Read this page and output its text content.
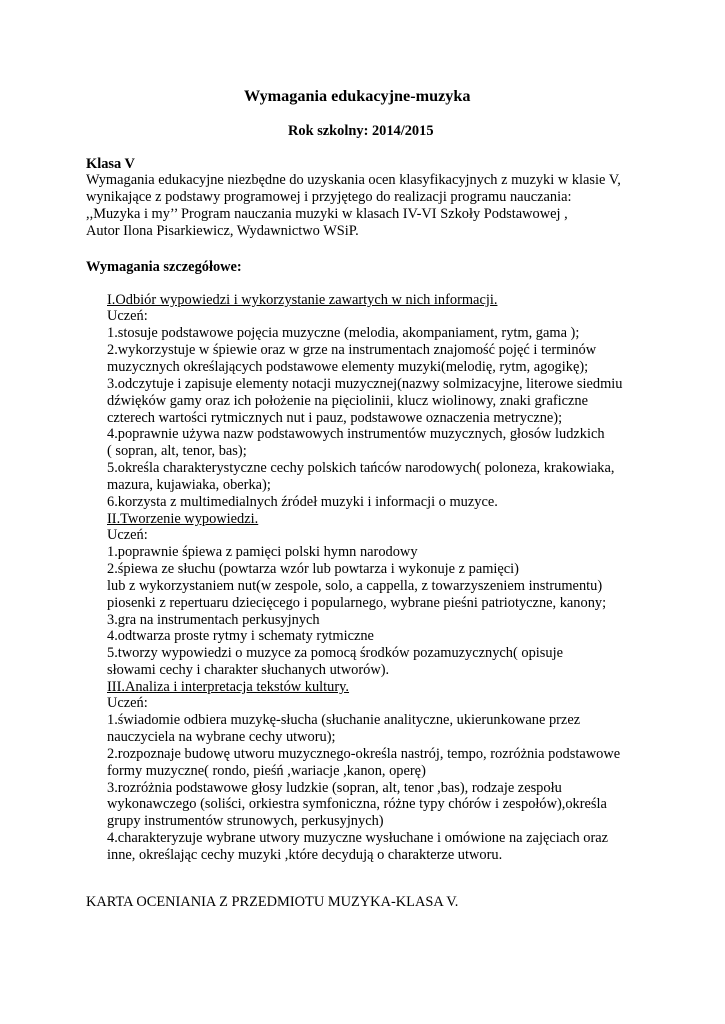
Wymagania edukacyjne-muzyka
Rok szkolny: 2014/2015
Klasa V
Wymagania edukacyjne niezbędne do uzyskania ocen klasyfikacyjnych z muzyki w klasie V,
wynikające z podstawy programowej i przyjętego do realizacji programu nauczania:
,,Muzyka i my’’ Program nauczania muzyki w klasach IV-VI Szkoły Podstawowej ,
Autor Ilona Pisarkiewicz, Wydawnictwo WSiP.
Wymagania szczegółowe:
I.Odbiór wypowiedzi i wykorzystanie zawartych w nich informacji.
Uczeń:
1.stosuje podstawowe pojęcia muzyczne (melodia, akompaniament, rytm, gama );
2.wykorzystuje w śpiewie oraz w grze na instrumentach znajomość pojęć i terminów
muzycznych określających podstawowe elementy muzyki(melodię, rytm, agogikę);
3.odczytuje i zapisuje elementy notacji muzycznej(nazwy solmizacyjne, literowe siedmiu
dźwięków gamy oraz ich położenie na pięciolinii, klucz wiolinowy, znaki graficzne
czterech wartości rytmicznych nut i pauz, podstawowe oznaczenia metryczne);
4.poprawnie używa nazw podstawowych instrumentów muzycznych, głosów ludzkich
( sopran, alt, tenor, bas);
5.określa charakterystyczne cechy polskich tańców narodowych( poloneza, krakowiaka,
mazura, kujawiaka, oberka);
6.korzysta z multimedialnych źródeł muzyki i informacji o muzyce.
II.Tworzenie wypowiedzi.
Uczeń:
1.poprawnie śpiewa z pamięci polski hymn narodowy
2.śpiewa ze słuchu (powtarza wzór lub powtarza i wykonuje z pamięci)
lub z wykorzystaniem nut(w zespole, solo, a cappella, z towarzyszeniem instrumentu)
piosenki z repertuaru dziecięcego i popularnego, wybrane pieśni patriotyczne, kanony;
3.gra na instrumentach perkusyjnych
4.odtwarza proste rytmy i schematy rytmiczne
5.tworzy wypowiedzi o muzyce za pomocą środków pozamuzycznych( opisuje
słowami cechy i charakter słuchanych utworów).
III.Analiza i interpretacja tekstów kultury.
Uczeń:
1.świadomie odbiera muzykę-słucha (słuchanie analityczne, ukierunkowane przez
nauczyciela na wybrane cechy utworu);
2.rozpoznaje budowę utworu muzycznego-określa nastrój, tempo, rozróżnia podstawowe
formy muzyczne( rondo, pieśń ,wariacje ,kanon, operę)
3.rozróżnia podstawowe głosy ludzkie (sopran, alt, tenor ,bas), rodzaje zespołu
wykonawczego (soliści, orkiestra symfoniczna, różne typy chórów i zespołów),określa
grupy instrumentów strunowych, perkusyjnych)
4.charakteryzuje wybrane utwory muzyczne wysłuchane i omówione na zajęciach oraz
inne, określając cechy muzyki ,które decydują o charakterze utworu.
KARTA OCENIANIA Z PRZEDMIOTU MUZYKA-KLASA V.
